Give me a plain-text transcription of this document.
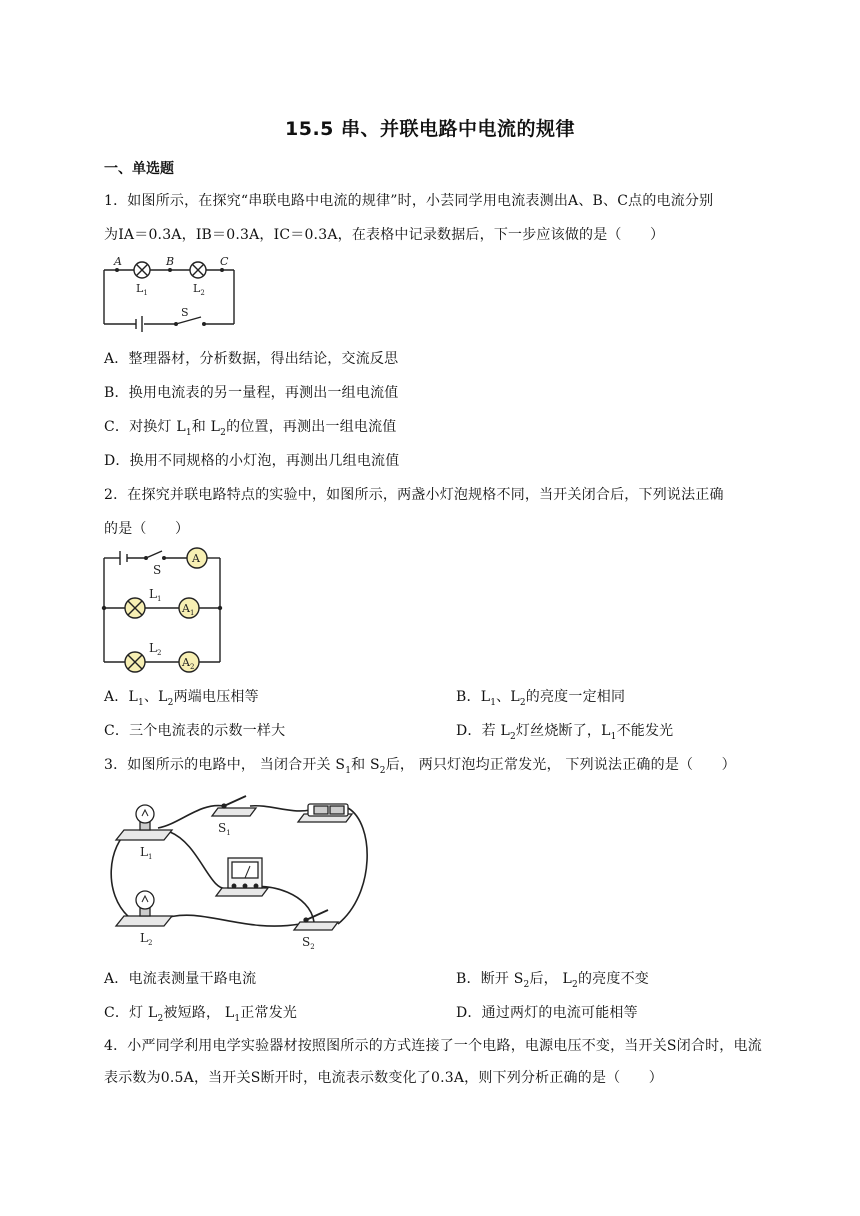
15.5 串、并联电路中电流的规律
一、单选题
1．如图所示，在探究“串联电路中电流的规律”时，小芸同学用电流表测出A、B、C点的电流分别
为IA＝0.3A，IB＝0.3A，IC＝0.3A，在表格中记录数据后，下一步应该做的是（　　）
A	B	C
$L_1$	$L_2$
S
A．整理器材，分析数据，得出结论，交流反思
B．换用电流表的另一量程，再测出一组电流值
C．对换灯 $L_1$和 $L_2$的位置，再测出一组电流值
D．换用不同规格的小灯泡，再测出几组电流值
2．在探究并联电路特点的实验中，如图所示，两盏小灯泡规格不同，当开关闭合后，下列说法正确
的是（　　）
A
$A_1$
$A_2$
S
$L_1$
$L_2$
A．$L_1$、$L_2$两端电压相等	B．$L_1$、$L_2$的亮度一定相同
C．三个电流表的示数一样大	D．若 $L_2$灯丝烧断了，$L_1$不能发光
3．如图所示的电路中， 当闭合开关 $S_1$和 $S_2$后， 两只灯泡均正常发光， 下列说法正确的是（　　）
$S_1$
$S_2$
$L_1$
$L_2$
A．电流表测量干路电流	B．断开 $S_2$后， $L_2$的亮度不变
C．灯 $L_2$被短路， $L_1$正常发光	D．通过两灯的电流可能相等
4．小严同学利用电学实验器材按照图所示的方式连接了一个电路，电源电压不变，当开关S闭合时，电流表示数为0.5A，当开关S断开时，电流表示数变化了0.3A，则下列分析正确的是（　　）
